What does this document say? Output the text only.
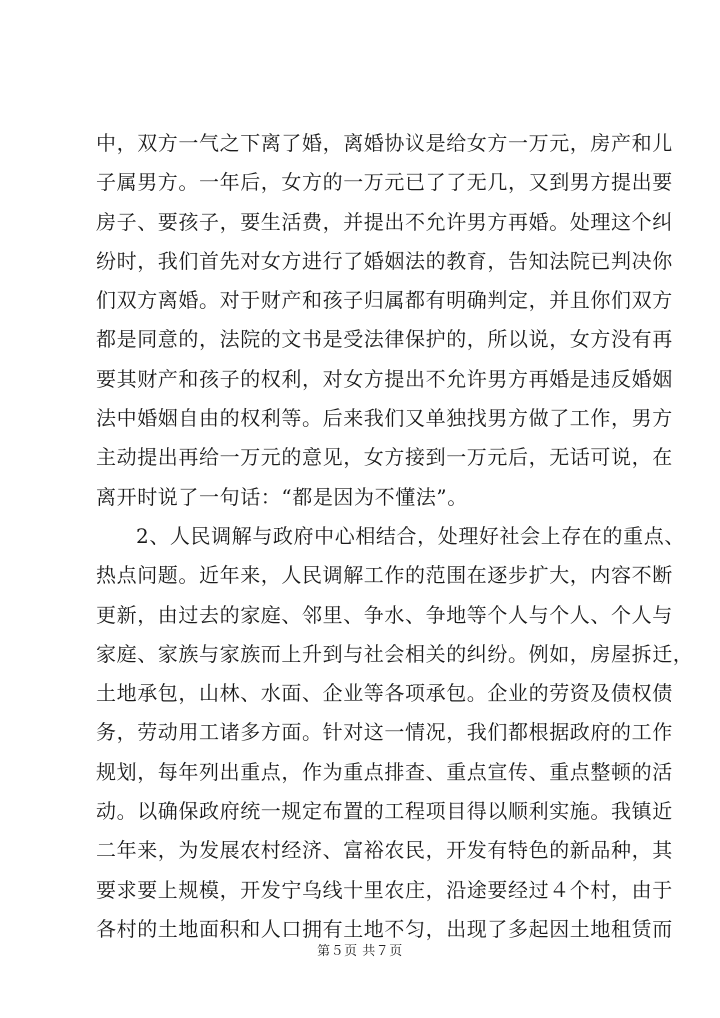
中，双方一气之下离了婚，离婚协议是给女方一万元，房产和儿
子属男方。一年后，女方的一万元已了了无几，又到男方提出要
房子、要孩子，要生活费，并提出不允许男方再婚。处理这个纠
纷时，我们首先对女方进行了婚姻法的教育，告知法院已判决你
们双方离婚。对于财产和孩子归属都有明确判定，并且你们双方
都是同意的，法院的文书是受法律保护的，所以说，女方没有再
要其财产和孩子的权利，对女方提出不允许男方再婚是违反婚姻
法中婚姻自由的权利等。后来我们又单独找男方做了工作，男方
主动提出再给一万元的意见，女方接到一万元后，无话可说，在
离开时说了一句话：“都是因为不懂法”。
2、人民调解与政府中心相结合，处理好社会上存在的重点、
热点问题。近年来，人民调解工作的范围在逐步扩大，内容不断
更新，由过去的家庭、邻里、争水、争地等个人与个人、个人与
家庭、家族与家族而上升到与社会相关的纠纷。例如，房屋拆迁，
土地承包，山林、水面、企业等各项承包。企业的劳资及债权债
务，劳动用工诸多方面。针对这一情况，我们都根据政府的工作
规划，每年列出重点，作为重点排查、重点宣传、重点整顿的活
动。以确保政府统一规定布置的工程项目得以顺利实施。我镇近
二年来，为发展农村经济、富裕农民，开发有特色的新品种，其
要求要上规模，开发宁乌线十里农庄，沿途要经过４个村，由于
各村的土地面积和人口拥有土地不匀，出现了多起因土地租赁而
第５页 共７页
